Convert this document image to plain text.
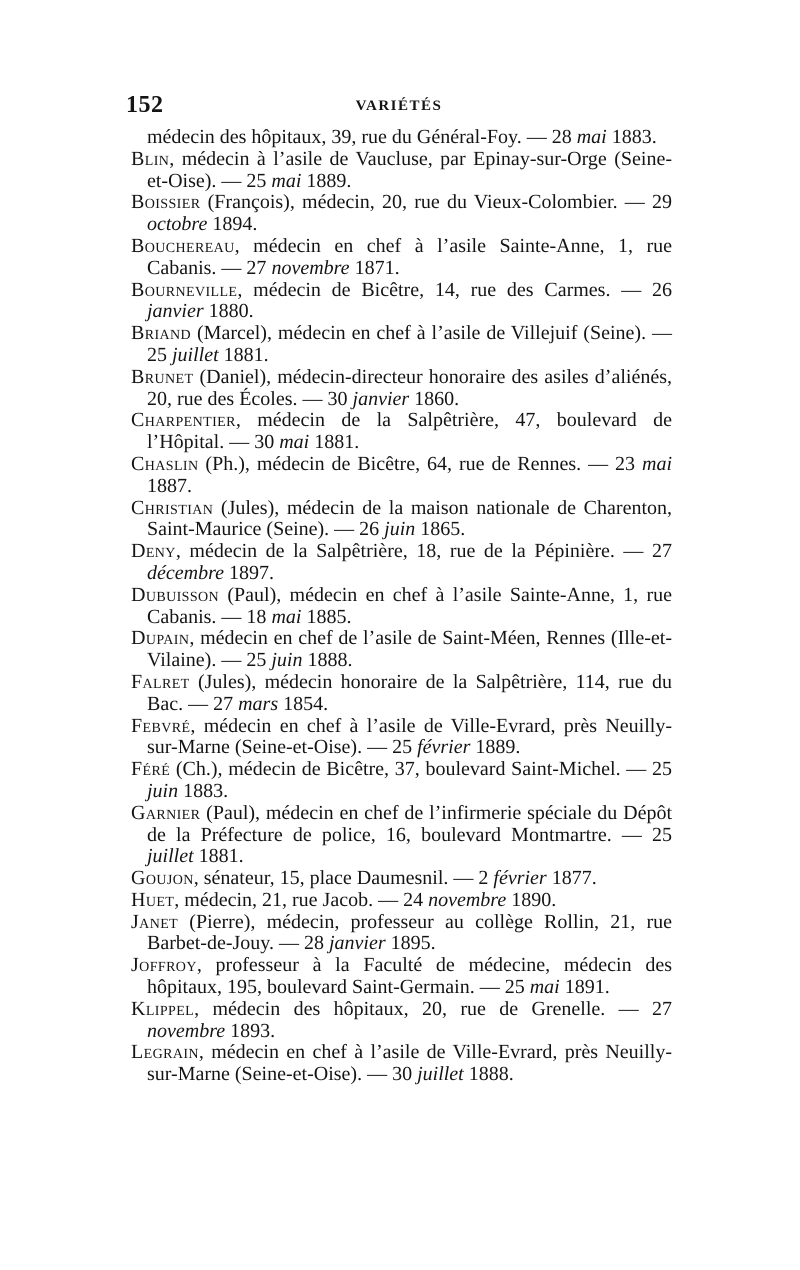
152	VARIÉTÉS

médecin des hôpitaux, 39, rue du Général-Foy. — 28 mai 1883.

Blin, médecin à l’asile de Vaucluse, par Epinay-sur-Orge (Seine-et-Oise). — 25 mai 1889.

Boissier (François), médecin, 20, rue du Vieux-Colombier. — 29 octobre 1894.

Bouchereau, médecin en chef à l’asile Sainte-Anne, 1, rue Cabanis. — 27 novembre 1871.

Bourneville, médecin de Bicêtre, 14, rue des Carmes. — 26 janvier 1880.

Briand (Marcel), médecin en chef à l’asile de Villejuif (Seine). — 25 juillet 1881.

Brunet (Daniel), médecin-directeur honoraire des asiles d’aliénés, 20, rue des Écoles. — 30 janvier 1860.

Charpentier, médecin de la Salpêtrière, 47, boulevard de l’Hôpital. — 30 mai 1881.

Chaslin (Ph.), médecin de Bicêtre, 64, rue de Rennes. — 23 mai 1887.

Christian (Jules), médecin de la maison nationale de Charenton, Saint-Maurice (Seine). — 26 juin 1865.

Deny, médecin de la Salpêtrière, 18, rue de la Pépinière. — 27 décembre 1897.

Dubuisson (Paul), médecin en chef à l’asile Sainte-Anne, 1, rue Cabanis. — 18 mai 1885.

Dupain, médecin en chef de l’asile de Saint-Méen, Rennes (Ille-et-Vilaine). — 25 juin 1888.

Falret (Jules), médecin honoraire de la Salpêtrière, 114, rue du Bac. — 27 mars 1854.

Febvré, médecin en chef à l’asile de Ville-Evrard, près Neuilly-sur-Marne (Seine-et-Oise). — 25 février 1889.

Féré (Ch.), médecin de Bicêtre, 37, boulevard Saint-Michel. — 25 juin 1883.

Garnier (Paul), médecin en chef de l’infirmerie spéciale du Dépôt de la Préfecture de police, 16, boulevard Montmartre. — 25 juillet 1881.

Goujon, sénateur, 15, place Daumesnil. — 2 février 1877.

Huet, médecin, 21, rue Jacob. — 24 novembre 1890.

Janet (Pierre), médecin, professeur au collège Rollin, 21, rue Barbet-de-Jouy. — 28 janvier 1895.

Joffroy, professeur à la Faculté de médecine, médecin des hôpitaux, 195, boulevard Saint-Germain. — 25 mai 1891.

Klippel, médecin des hôpitaux, 20, rue de Grenelle. — 27 novembre 1893.

Legrain, médecin en chef à l’asile de Ville-Evrard, près Neuilly-sur-Marne (Seine-et-Oise). — 30 juillet 1888.
